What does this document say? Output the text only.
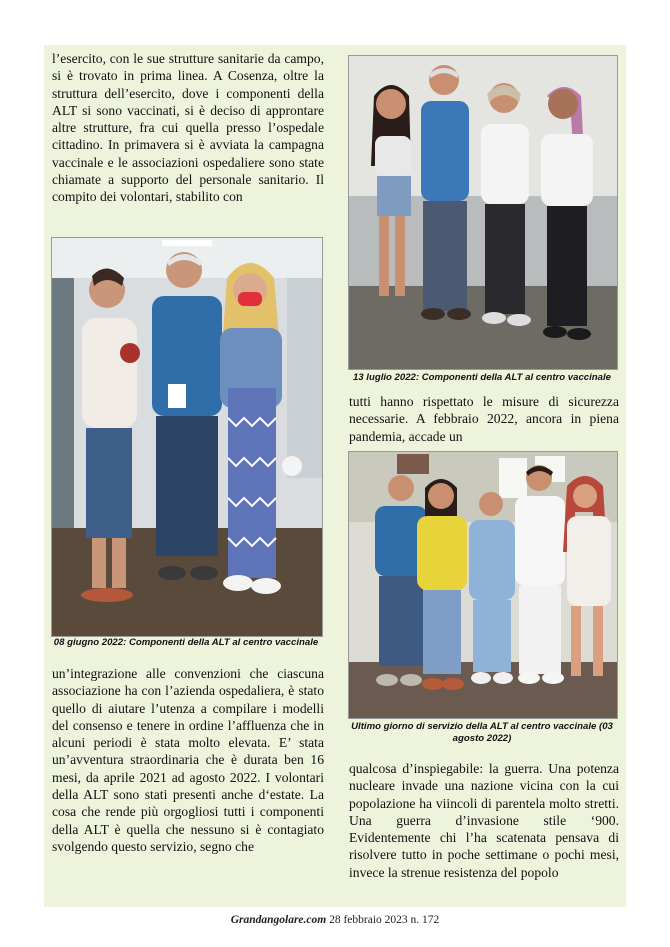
l’esercito, con le sue strutture sanitarie da campo, si è trovato in prima linea. A Cosenza, oltre la struttura dell’esercito, dove i componenti della ALT si sono vaccinati, si è deciso di approntare altre strutture, fra cui quella presso l’ospedale cittadino. In primavera si è avviata la campagna vaccinale e le associazioni ospedaliere sono state chiamate a supporto del personale sanitario. Il compito dei volontari, stabilito con

08 giugno 2022: Componenti della ALT al centro vaccinale

un’integrazione alle convenzioni che ciascuna associazione ha con l’azienda ospedaliera, è stato quello di aiutare l’utenza a compilare i modelli del consenso e tenere in ordine l’affluenza che in alcuni periodi è stata molto elevata. E’ stata un’avventura straordinaria che è durata ben 16 mesi, da aprile 2021 ad agosto 2022. I volontari della ALT sono stati presenti anche d‘estate. La cosa che rende più orgogliosi tutti i componenti della ALT è quella che nessuno si è contagiato svolgendo questo servizio, segno che

13 luglio 2022: Componenti della ALT al centro vaccinale

tutti hanno rispettato le misure di sicurezza necessarie. A febbraio 2022, ancora in piena pandemia, accade un

Ultimo giorno di servizio della ALT al centro vaccinale (03 agosto 2022)

qualcosa d’inspiegabile: la guerra. Una potenza nucleare invade una nazione vicina con la cui popolazione ha viincoli di parentela molto stretti. Una guerra d’invasione stile ‘900. Evidentemente chi l’ha scatenata pensava di risolvere tutto in poche settimane o pochi mesi, invece la strenue resistenza del popolo

Grandangolare.com 28 febbraio 2023 n. 172
